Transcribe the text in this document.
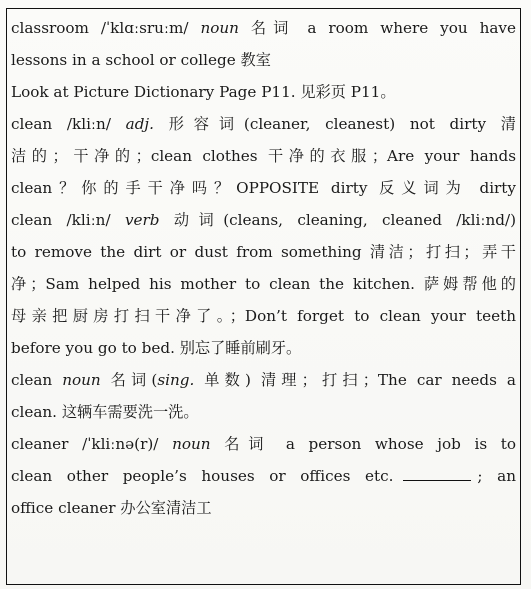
classroom /ˈklɑːsruːm/ noun 名词 a room where you have
lessons in a school or college 教室
Look at Picture Dictionary Page P11. 见彩页 P11。
clean /kliːn/ adj. 形容词(cleaner, cleanest) not dirty 清
洁的；干净的；clean clothes 干净的衣服；Are your hands
clean？你的手干净吗？OPPOSITE dirty 反义词为 dirty
clean /kliːn/ verb 动词(cleans, cleaning, cleaned /kliːnd/)
to remove the dirt or dust from something 清洁；打扫；弄干
净；Sam helped his mother to clean the kitchen. 萨姆帮他的
母亲把厨房打扫干净了。；Don’t forget to clean your teeth
before you go to bed. 别忘了睡前刷牙。
clean noun 名词(sing. 单数) 清理；打扫；The car needs a
clean. 这辆车需要洗一洗。
cleaner /ˈkliːnə(r)/ noun 名词 a person whose job is to
clean other people’s houses or offices etc.	; an
office cleaner 办公室清洁工
